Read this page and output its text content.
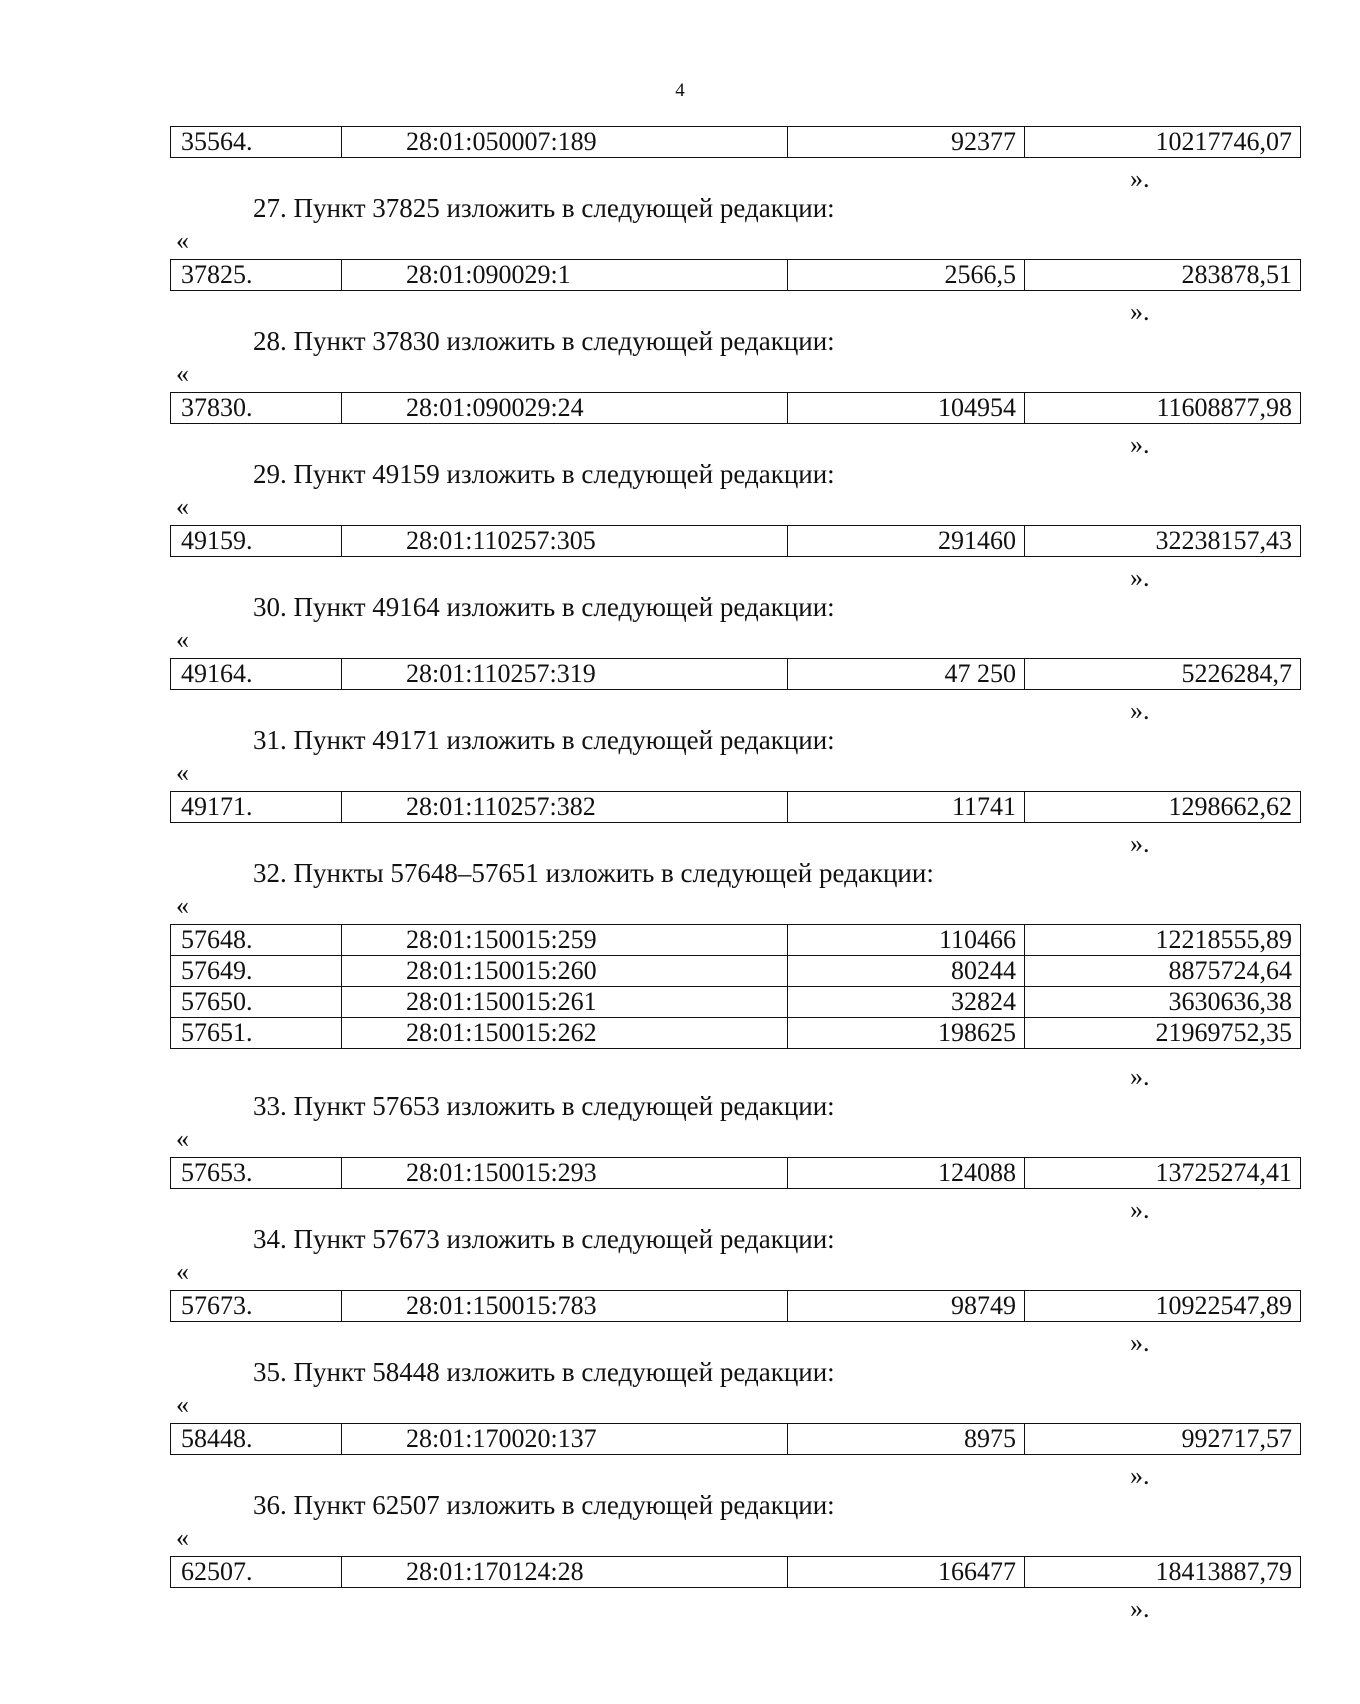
4
35564.	28:01:050007:189	92377	10217746,07
».
27. Пункт 37825 изложить в следующей редакции:
«
37825.	28:01:090029:1	2566,5	283878,51
».
28. Пункт 37830 изложить в следующей редакции:
«
37830.	28:01:090029:24	104954	11608877,98
».
29. Пункт 49159 изложить в следующей редакции:
«
49159.	28:01:110257:305	291460	32238157,43
».
30. Пункт 49164 изложить в следующей редакции:
«
49164.	28:01:110257:319	47 250	5226284,7
».
31. Пункт 49171 изложить в следующей редакции:
«
49171.	28:01:110257:382	11741	1298662,62
».
32. Пункты 57648–57651 изложить в следующей редакции:
«
57648.	28:01:150015:259	110466	12218555,89
57649.	28:01:150015:260	80244	8875724,64
57650.	28:01:150015:261	32824	3630636,38
57651.	28:01:150015:262	198625	21969752,35
».
33. Пункт 57653 изложить в следующей редакции:
«
57653.	28:01:150015:293	124088	13725274,41
».
34. Пункт 57673 изложить в следующей редакции:
«
57673.	28:01:150015:783	98749	10922547,89
».
35. Пункт 58448 изложить в следующей редакции:
«
58448.	28:01:170020:137	8975	992717,57
».
36. Пункт 62507 изложить в следующей редакции:
«
62507.	28:01:170124:28	166477	18413887,79
».
